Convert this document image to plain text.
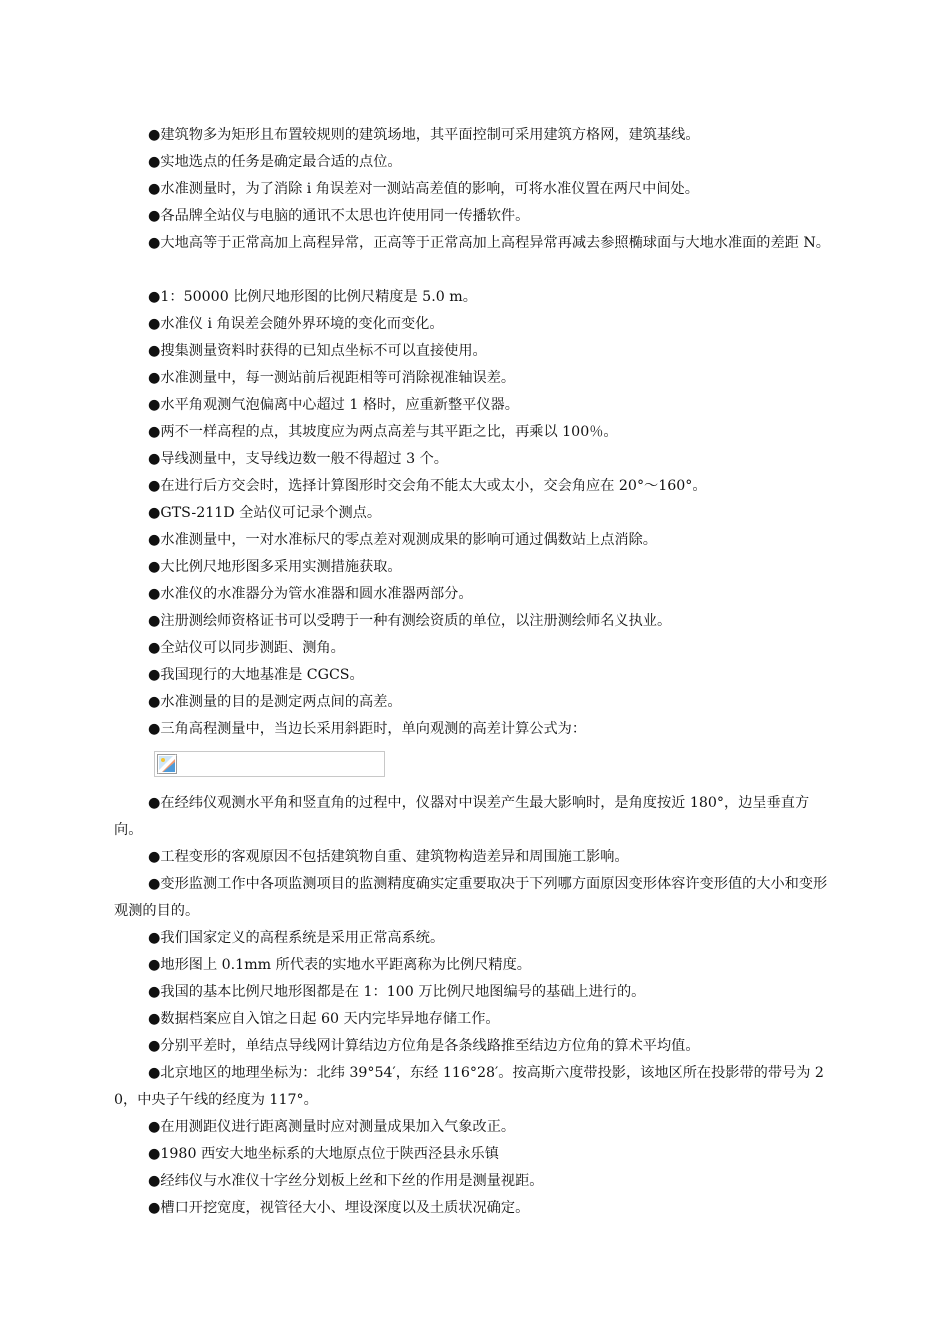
●建筑物多为矩形且布置较规则的建筑场地，其平面控制可采用建筑方格网，建筑基线。

●实地选点的任务是确定最合适的点位。

●水准测量时，为了消除 i 角误差对一测站高差值的影响，可将水准仪置在两尺中间处。

●各品牌全站仪与电脑的通讯不太思也许使用同一传播软件。

●大地高等于正常高加上高程异常，正高等于正常高加上高程异常再减去参照椭球面与大地水准面的差距 N。

●1：50000 比例尺地形图的比例尺精度是 5.0 m。

●水准仪 i 角误差会随外界环境的变化而变化。

●搜集测量资料时获得的已知点坐标不可以直接使用。

●水准测量中，每一测站前后视距相等可消除视准轴误差。

●水平角观测气泡偏离中心超过 1 格时，应重新整平仪器。

●两不一样高程的点，其坡度应为两点高差与其平距之比，再乘以 100％。

●导线测量中，支导线边数一般不得超过 3 个。

●在进行后方交会时，选择计算图形时交会角不能太大或太小，交会角应在 20°～160°。

●GTS-211D 全站仪可记录个测点。

●水准测量中，一对水准标尺的零点差对观测成果的影响可通过偶数站上点消除。

●大比例尺地形图多采用实测措施获取。

●水准仪的水准器分为管水准器和圆水准器两部分。

●注册测绘师资格证书可以受聘于一种有测绘资质的单位，以注册测绘师名义执业。

●全站仪可以同步测距、测角。

●我国现行的大地基准是 CGCS。

●水准测量的目的是测定两点间的高差。

●三角高程测量中，当边长采用斜距时，单向观测的高差计算公式为：

●在经纬仪观测水平角和竖直角的过程中，仪器对中误差产生最大影响时，是角度按近 180°，边呈垂直方向。

●工程变形的客观原因不包括建筑物自重、建筑物构造差异和周围施工影响。

●变形监测工作中各项监测项目的监测精度确实定重要取决于下列哪方面原因变形体容许变形值的大小和变形观测的目的。

●我们国家定义的高程系统是采用正常高系统。

●地形图上 0.1mm 所代表的实地水平距离称为比例尺精度。

●我国的基本比例尺地形图都是在 1：100 万比例尺地图编号的基础上进行的。

●数据档案应自入馆之日起 60 天内完毕异地存储工作。

●分别平差时，单结点导线网计算结边方位角是各条线路推至结边方位角的算术平均值。

●北京地区的地理坐标为：北纬 39°54′，东经 116°28′。按高斯六度带投影，该地区所在投影带的带号为 20，中央子午线的经度为 117°。

●在用测距仪进行距离测量时应对测量成果加入气象改正。

●1980 西安大地坐标系的大地原点位于陕西泾县永乐镇

●经纬仪与水准仪十字丝分划板上丝和下丝的作用是测量视距。

●槽口开挖宽度，视管径大小、埋设深度以及土质状况确定。
